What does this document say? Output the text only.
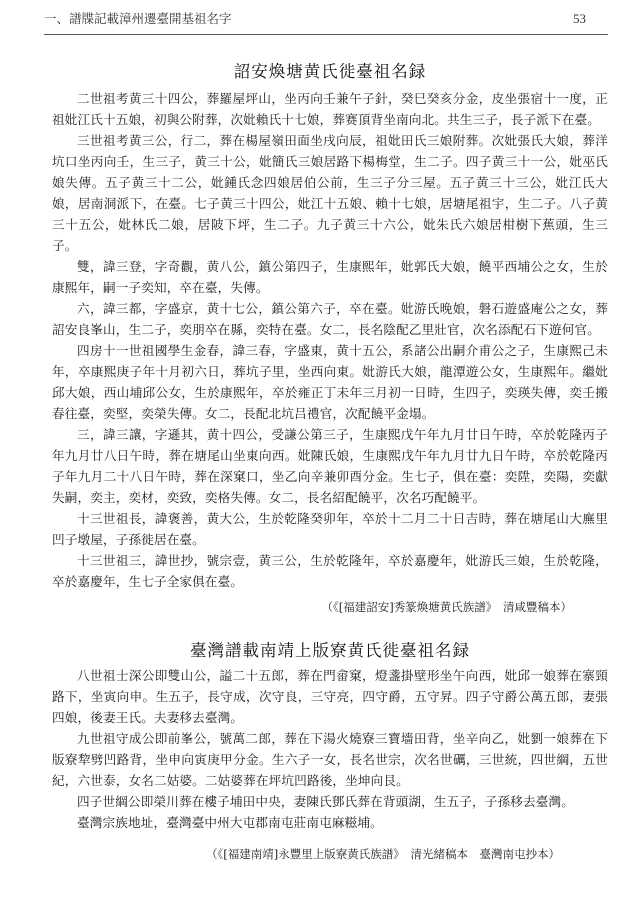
一、譜牒記載漳州遷臺開基祖名字	53
詔安煥塘黄氏徙臺祖名録

二世祖考黄三十四公，葬羅屋坪山，坐丙向壬兼午子針，癸巳癸亥分金，皮坐張宿十一度，正祖妣江氏十五娘，初與公附葬，次妣賴氏十七娘，葬赛頂背坐南向北。共生三子，長子派下在臺。

三世祖考黄三公，行二，葬在楊屋嶺田面坐戌向辰，祖妣田氏三娘附葬。次妣張氏大娘，葬洋坑口坐丙向壬，生三子，黄三十公，妣簡氏三娘居路下楊梅堂，生二子。四子黄三十一公，妣巫氏娘失傳。五子黄三十二公，妣鍾氏念四娘居伯公前，生三子分三屋。五子黄三十三公，妣江氏大娘，居南洞派下，在臺。七子黄三十四公，妣江十五娘、賴十七娘，居塘尾祖宇，生二子。八子黄三十五公，妣林氏二娘，居陂下坪，生二子。九子黄三十六公，妣朱氏六娘居柑樹下蕉頭，生三子。

雙，諱三登，字奇觀，黄八公，鎮公第四子，生康熙年，妣郭氏大娘，饒平西埔公之女，生於康熙年，嗣一子奕知，卒在臺，失傳。

六，諱三都，字盛京，黄十七公，鎮公第六子，卒在臺。妣游氏晚娘，磐石遊盛庵公之女，葬詔安良峯山，生二子，奕朋卒在縣，奕特在臺。女二，長名陰配乙里壯官，次名添配石下遊何官。

四房十一世祖國學生金春，諱三春，字盛東，黄十五公，系諸公出嗣介甫公之子，生康熙己未年，卒康熙庚子年十月初六日，葬坑子里，坐西向東。妣游氏大娘，龍潭遊公女，生康熙年。繼妣邱大娘，西山埔邱公女，生於康熙年，卒於雍正丁未年三月初一日時，生四子，奕瑛失傳，奕壬搬春往臺，奕堅，奕榮失傳。女二，長配北坑吕禮官，次配饒平金塌。

三，諱三讓，字遜其，黄十四公，受謙公第三子，生康熙戊午年九月廿日午時，卒於乾隆丙子年九月廿八日午時，葬在塘尾山坐東向西。妣陳氏娘，生康熙戊午年九月廿九日午時，卒於乾隆丙子年九月二十八日午時，葬在深窠口，坐乙向辛兼卯酉分金。生七子，俱在臺：奕陞，奕陽，奕獻失嗣，奕主，奕材，奕致，奕格失傳。女二，長名紹配饒平，次名巧配饒平。

十三世祖長，諱褒善，黄大公，生於乾隆癸卯年，卒於十二月二十日吉時，葬在塘尾山大廡里凹子墩屋，子孫徙居在臺。

十三世祖三，諱世抄，號宗壹，黄三公，生於乾隆年，卒於嘉慶年，妣游氏三娘，生於乾隆，卒於嘉慶年，生七子全家俱在臺。

（《[福建詔安]秀篆煥塘黄氏族譜》　清咸豐稿本）
臺灣譜載南靖上版寮黄氏徙臺祖名録

八世祖士深公即雙山公，謚二十五郎，葬在門畲窠，燈盞掛壁形坐午向西，妣邱一娘葬在寨頸路下，坐寅向申。生五子，長守成，次守良，三守亮，四守爵，五守昇。四子守爵公萬五郎，妻張四娘，後妻王氏。夫妻移去臺灣。

九世祖守成公即前峯公，號萬二郎，葬在下湯火燒寮三寶墻田背，坐辛向乙，妣劉一娘葬在下版寮犂劈凹路背，坐申向寅庚甲分金。生六子一女，長名世宗，次名世礪，三世統，四世綱，五世紀，六世泰，女名二姑婆。二姑婆葬在坪坑凹路後，坐坤向艮。

四子世綱公即榮川葬在樓子埔田中央，妻陳氏鄧氏葬在背頭湖，生五子，子孫移去臺灣。

臺灣宗族地址，臺灣臺中州大屯郡南屯莊南屯麻糍埔。

（《[福建南靖]永豐里上版寮黄氏族譜》　清光緒稿本　臺灣南屯抄本）
